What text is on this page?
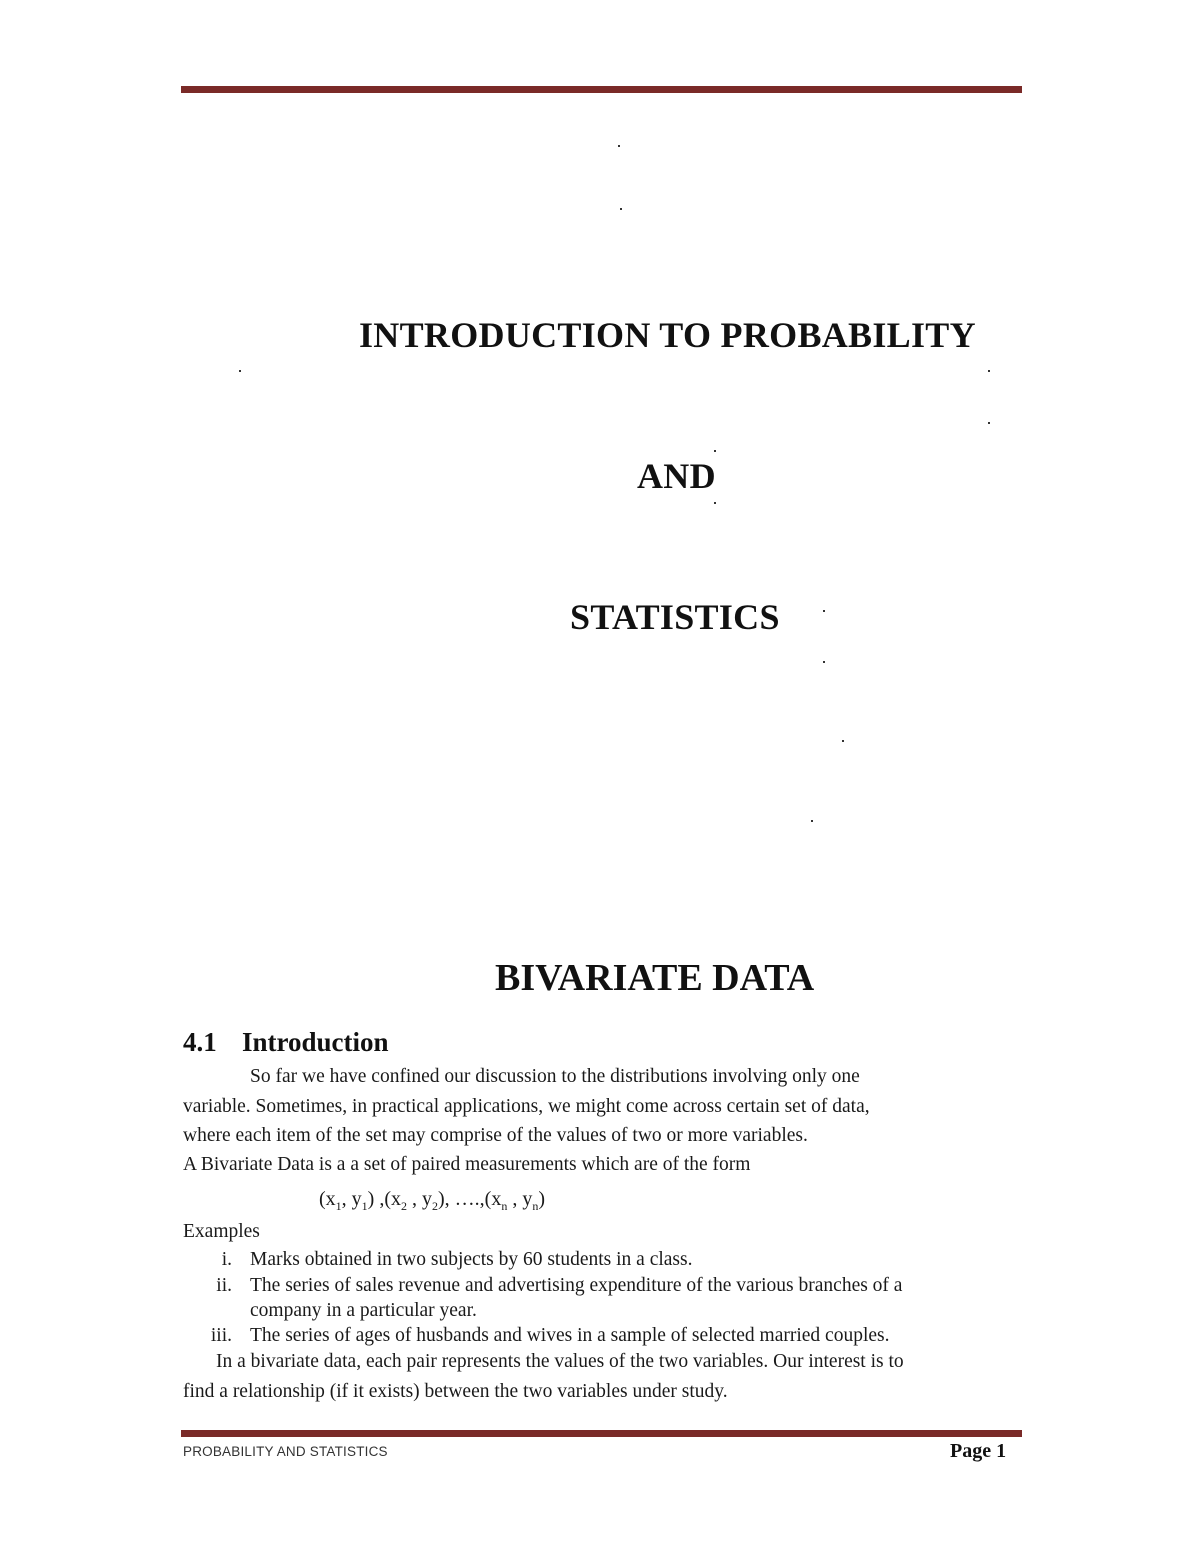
INTRODUCTION TO PROBABILITY
AND
STATISTICS
BIVARIATE DATA
4.1 Introduction
So far we have confined our discussion to the distributions involving only one
variable. Sometimes, in practical applications, we might come across certain set of data,
where each item of the set may comprise of the values of two or more variables.
A Bivariate Data is a a set of paired measurements which are of the form
($x_1$, $y_1$) $,(x_2$ , $y_2$), $\dots.,(x_n$ , $y_n$)
Examples
i. Marks obtained in two subjects by 60 students in a class.
ii. The series of sales revenue and advertising expenditure of the various branches of a
company in a particular year.
iii. The series of ages of husbands and wives in a sample of selected married couples.
In a bivariate data, each pair represents the values of the two variables. Our interest is to
find a relationship (if it exists) between the two variables under study.
PROBABILITY AND STATISTICS	Page 1
